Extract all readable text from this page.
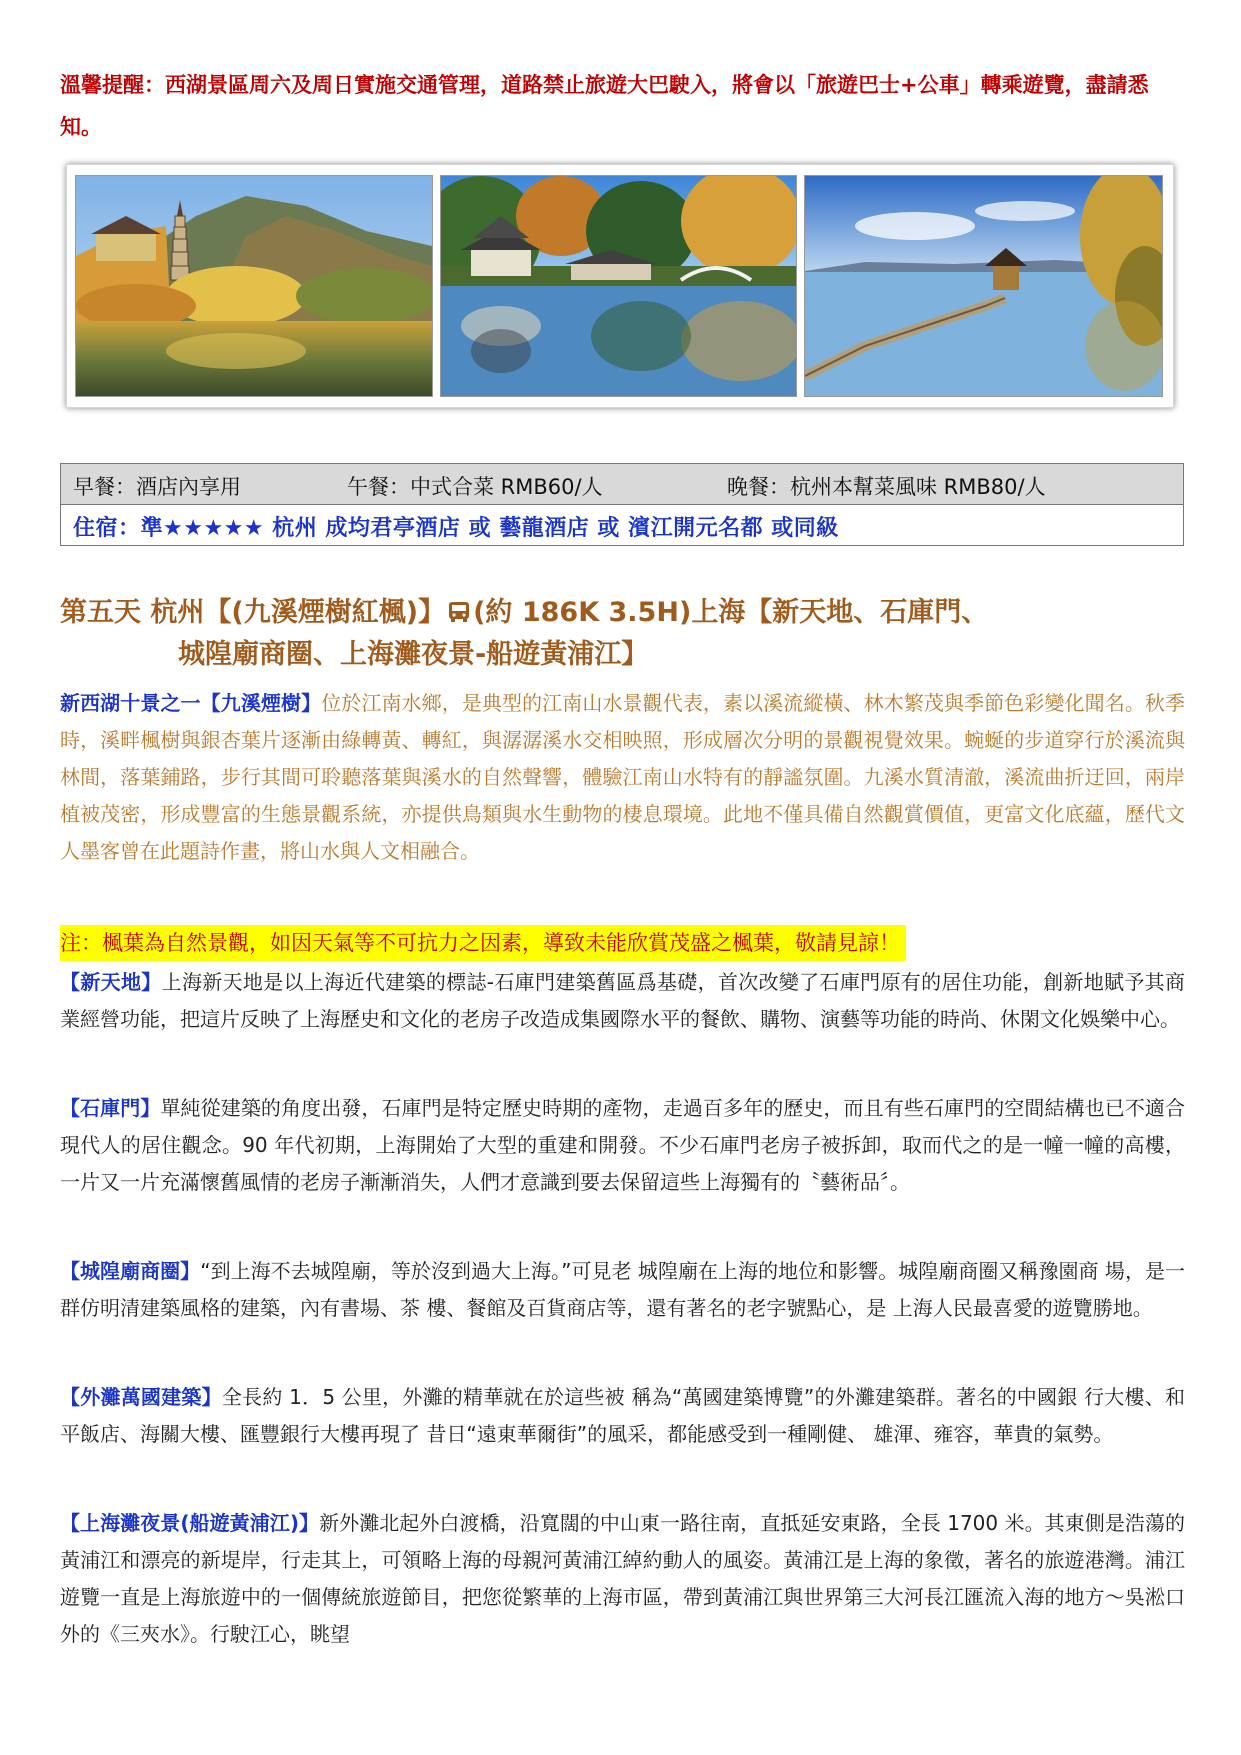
溫馨提醒：西湖景區周六及周日實施交通管理，道路禁止旅遊大巴駛入，將會以「旅遊巴士+公車」轉乘遊覽，盡請悉知。
早餐：酒店內享用	午餐：中式合菜 RMB60/人	晚餐：杭州本幫菜風味 RMB80/人
住宿：準★★★★★ 杭州 成均君亭酒店 或 藝龍酒店 或 濱江開元名都 或同級
第五天 杭州【(九溪煙樹紅楓)】 (約 186K 3.5H)上海【新天地、石庫門、
城隍廟商圈、上海灘夜景-船遊黃浦江】
新西湖十景之一【九溪煙樹】位於江南水鄉，是典型的江南山水景觀代表，素以溪流縱橫、林木繁茂與季節色彩變化聞名。秋季時，溪畔楓樹與銀杏葉片逐漸由綠轉黃、轉紅，與潺潺溪水交相映照，形成層次分明的景觀視覺效果。蜿蜒的步道穿行於溪流與林間，落葉鋪路，步行其間可聆聽落葉與溪水的自然聲響，體驗江南山水特有的靜謐氛圍。九溪水質清澈，溪流曲折迂回，兩岸植被茂密，形成豐富的生態景觀系統，亦提供鳥類與水生動物的棲息環境。此地不僅具備自然觀賞價值，更富文化底蘊，歷代文人墨客曾在此題詩作畫，將山水與人文相融合。
注：楓葉為自然景觀，如因天氣等不可抗力之因素，導致未能欣賞茂盛之楓葉，敬請見諒！
【新天地】上海新天地是以上海近代建築的標誌-石庫門建築舊區爲基礎，首次改變了石庫門原有的居住功能，創新地賦予其商業經營功能，把這片反映了上海歷史和文化的老房子改造成集國際水平的餐飲、購物、演藝等功能的時尚、休閑文化娛樂中心。
【石庫門】單純從建築的角度出發，石庫門是特定歷史時期的產物，走過百多年的歷史，而且有些石庫門的空間結構也已不適合現代人的居住觀念。90 年代初期，上海開始了大型的重建和開發。不少石庫門老房子被拆卸，取而代之的是一幢一幢的高樓，一片又一片充滿懷舊風情的老房子漸漸消失，人們才意識到要去保留這些上海獨有的〝藝術品〞。
【城隍廟商圈】“到上海不去城隍廟，等於沒到過大上海。”可見老 城隍廟在上海的地位和影響。城隍廟商圈又稱豫園商 場，是一群仿明清建築風格的建築，內有書場、茶 樓、餐館及百貨商店等，還有著名的老字號點心，是 上海人民最喜愛的遊覽勝地。
【外灘萬國建築】全長約 1．5 公里，外灘的精華就在於這些被 稱為“萬國建築博覽”的外灘建築群。著名的中國銀 行大樓、和平飯店、海關大樓、匯豐銀行大樓再現了 昔日“遠東華爾街”的風采，都能感受到一種剛健、 雄渾、雍容，華貴的氣勢。
【上海灘夜景(船遊黃浦江)】新外灘北起外白渡橋，沿寬闊的中山東一路往南，直抵延安東路，全長 1700 米。其東側是浩蕩的黃浦江和漂亮的新堤岸，行走其上，可領略上海的母親河黃浦江綽約動人的風姿。黃浦江是上海的象徵，著名的旅遊港灣。浦江遊覽一直是上海旅遊中的一個傳統旅遊節目，把您從繁華的上海市區，帶到黃浦江與世界第三大河長江匯流入海的地方～吳淞口外的《三夾水》。行駛江心，眺望
